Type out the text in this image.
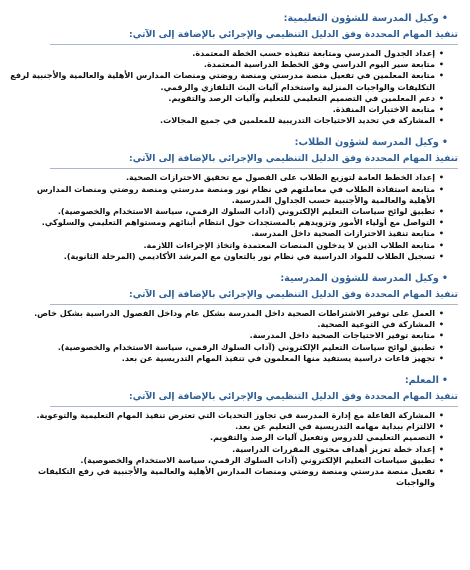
•وكيل المدرسة للشؤون التعليمية:
تنفيذ المهام المحددة وفق الدليل التنظيمي والإجرائي بالإضافة إلى الآتي:
•
إعداد الجدول المدرسي ومتابعة تنفيذه حسب الخطة المعتمدة.
•
متابعة سير اليوم الدراسي وفق الخطط الدراسية المعتمدة.
•
متابعة المعلمين في تفعيل منصة مدرستي ومنصة روضتي ومنصات المدارس الأهلية والعالمية والأجنبية لرفع التكليفات والواجبات المنزلية واستخدام آليات البث التلفازي والرقمي.
•
دعم المعلمين في التصميم التعليمي للتعليم وآليات الرصد والتقويم.
•
متابعة الاختبارات المنفذة.
•
المشاركة في تحديد الاحتياجات التدريبية للمعلمين في جميع المجالات.
•وكيل المدرسة لشؤون الطلاب:
تنفيذ المهام المحددة وفق الدليل التنظيمي والإجرائي بالإضافة إلى الآتي:
•
إعداد الخطط العامة لتوزيع الطلاب على الفصول مع تحقيق الاحترازات الصحية.
•
متابعة استفادة الطلاب في معاملتهم في نظام نور ومنصة مدرستي ومنصة روضتي ومنصات المدارس الأهلية والعالمية والأجنبية حسب الجداول المدرسية.
•
تطبيق لوائح سياسات التعليم الإلكتروني (آداب السلوك الرقمي، سياسة الاستخدام والخصوصية).
•
التواصل مع أولياء الأمور وتزويدهم بالمستجدات حول انتظام أبنائهم ومستواهم التعليمي والسلوكي.
•
متابعة تنفيذ الاحترازات الصحية داخل المدرسة.
•
متابعة الطلاب الذين لا يدخلون المنصات المعتمدة واتخاذ الإجراءات اللازمة.
•
تسجيل الطلاب للمواد الدراسية في نظام نور بالتعاون مع المرشد الأكاديمي (المرحلة الثانوية).
•وكيل المدرسة للشؤون المدرسية:
تنفيذ المهام المحددة وفق الدليل التنظيمي والإجرائي بالإضافة إلى الآتي:
•
العمل على توفير الاشتراطات الصحية داخل المدرسة بشكل عام وداخل الفصول الدراسية بشكل خاص.
•
المشاركة في التوعية الصحية.
•
متابعة توفير الاحتياجات الصحية داخل المدرسة.
•
تطبيق لوائح سياسات التعليم الإلكتروني (آداب السلوك الرقمي، سياسة الاستخدام والخصوصية).
•
تجهيز قاعات دراسية يستفيد منها المعلمون في تنفيذ المهام التدريسية عن بعد.
•المعلم:
تنفيذ المهام المحددة وفق الدليل التنظيمي والإجرائي بالإضافة إلى الآتي:
•
المشاركة الفاعلة مع إدارة المدرسة في تجاوز التحديات التي تعترض تنفيذ المهام التعليمية والتوعوية.
•
الالتزام ببداية مهامه التدريسية في التعليم عن بعد.
•
التصميم التعليمي للدروس وتفعيل آليات الرصد والتقويم.
•
إعداد خطة تعزيز أهداف محتوى المقررات الدراسية.
•
تطبيق سياسات التعليم الإلكتروني (آداب السلوك الرقمي، سياسة الاستخدام والخصوصية).
•
تفعيل منصة مدرستي ومنصة روضتي ومنصات المدارس الأهلية والعالمية والأجنبية في رفع التكليفات والواجبات
